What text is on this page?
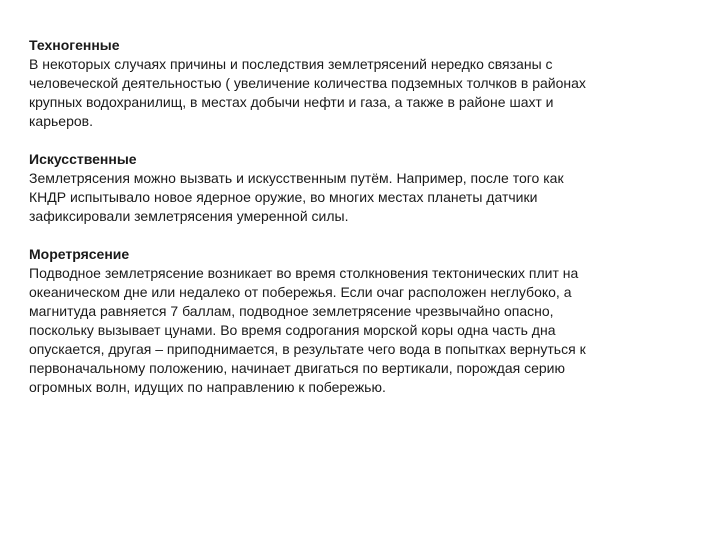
Техногенные

В некоторых случаях причины и последствия землетрясений нередко связаны с
человеческой деятельностью ( увеличение количества подземных толчков в районах
крупных водохранилищ, в местах добычи нефти и газа, а также в районе шахт и
карьеров.

Искусственные

Землетрясения можно вызвать и искусственным путём. Например, после того как
КНДР испытывало новое ядерное оружие, во многих местах планеты датчики
зафиксировали землетрясения умеренной силы.

Моретрясение

Подводное землетрясение возникает во время столкновения тектонических плит на
океаническом дне или недалеко от побережья. Если очаг расположен неглубоко, а
магнитуда равняется 7 баллам, подводное землетрясение чрезвычайно опасно,
поскольку вызывает цунами. Во время содрогания морской коры одна часть дна
опускается, другая – приподнимается, в результате чего вода в попытках вернуться к
первоначальному положению, начинает двигаться по вертикали, порождая серию
огромных волн, идущих по направлению к побережью.
